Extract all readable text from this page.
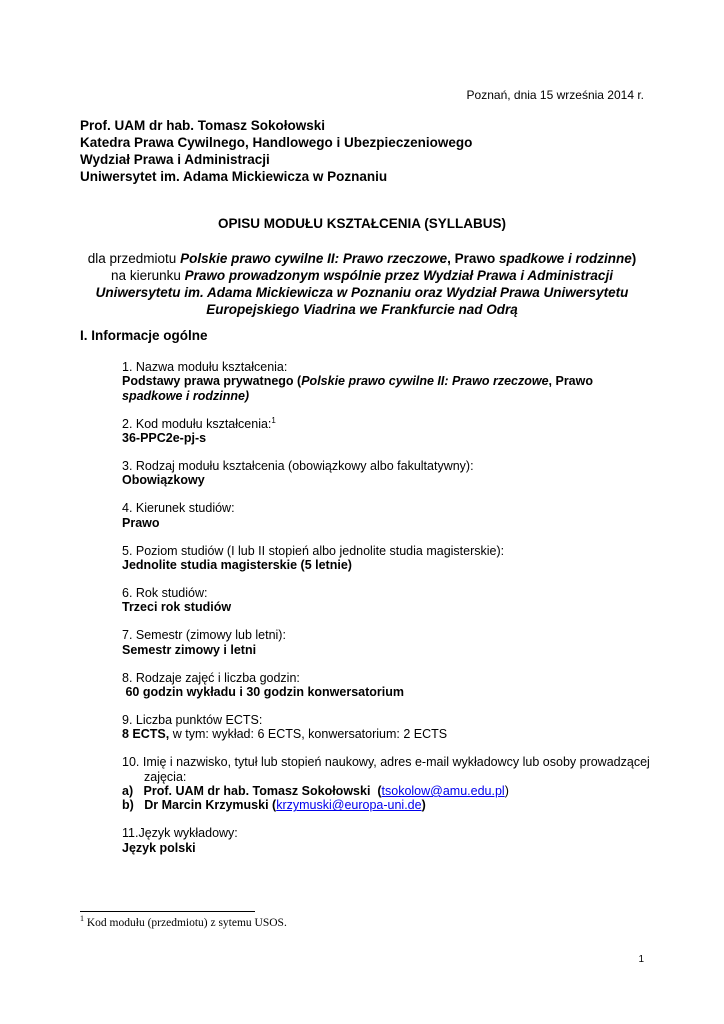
Poznań, dnia 15 września 2014 r.
Prof. UAM dr hab. Tomasz Sokołowski
Katedra Prawa Cywilnego, Handlowego i Ubezpieczeniowego
Wydział Prawa i Administracji
Uniwersytet im. Adama Mickiewicza w Poznaniu
OPISU MODUŁU KSZTAŁCENIA (SYLLABUS)
dla przedmiotu Polskie prawo cywilne II: Prawo rzeczowe, Prawo spadkowe i rodzinne)
na kierunku Prawo prowadzonym wspólnie przez Wydział Prawa i Administracji Uniwersytetu im. Adama Mickiewicza w Poznaniu oraz Wydział Prawa Uniwersytetu Europejskiego Viadrina we Frankfurcie nad Odrą
I. Informacje ogólne
1. Nazwa modułu kształcenia:
Podstawy prawa prywatnego (Polskie prawo cywilne II: Prawo rzeczowe, Prawo spadkowe i rodzinne)
2. Kod modułu kształcenia:$^1$
36-PPC2e-pj-s
3. Rodzaj modułu kształcenia (obowiązkowy albo fakultatywny):
Obowiązkowy
4. Kierunek studiów:
Prawo
5. Poziom studiów (I lub II stopień albo jednolite studia magisterskie):
Jednolite studia magisterskie (5 letnie)
6. Rok studiów:
Trzeci rok studiów
7. Semestr (zimowy lub letni):
Semestr zimowy i letni
8. Rodzaje zajęć i liczba godzin:
60 godzin wykładu i 30 godzin konwersatorium
9. Liczba punktów ECTS:
8 ECTS, w tym: wykład: 6 ECTS, konwersatorium: 2 ECTS
10. Imię i nazwisko, tytuł lub stopień naukowy, adres e-mail wykładowcy lub osoby prowadzącej zajęcia:
a)   Prof. UAM dr hab. Tomasz Sokołowski  (tsokolow@amu.edu.pl)
b)   Dr Marcin Krzymuski (krzymuski@europa-uni.de)
11.Język wykładowy:
Język polski
$^1$ Kod modułu (przedmiotu) z sytemu USOS.
1
